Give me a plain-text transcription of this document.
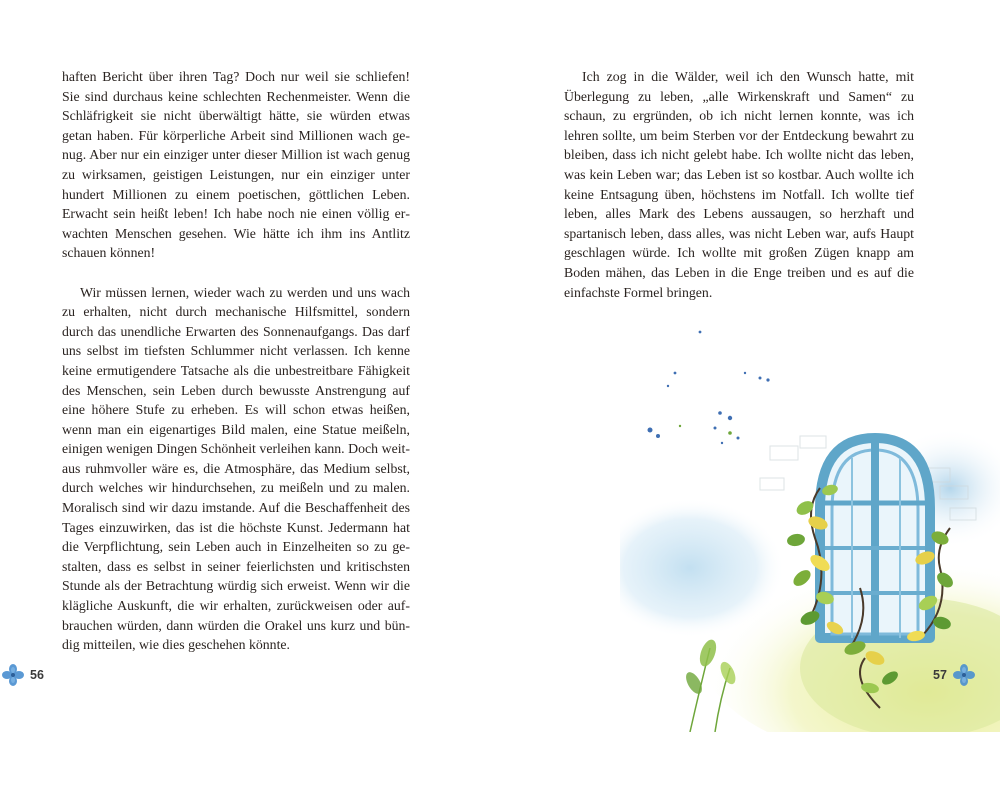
haften Bericht über ihren Tag? Doch nur weil sie schliefen! Sie sind durchaus keine schlechten Rechenmeister. Wenn die Schläfrigkeit sie nicht überwältigt hätte, sie würden etwas getan haben. Für körperliche Arbeit sind Millionen wach genug. Aber nur ein einziger unter dieser Million ist wach genug zu wirksamen, geistigen Leistungen, nur ein einziger unter hundert Millionen zu einem poetischen, göttlichen Leben. Erwacht sein heißt leben! Ich habe noch nie einen völlig erwachten Menschen gesehen. Wie hätte ich ihm ins Antlitz schauen können!

Wir müssen lernen, wieder wach zu werden und uns wach zu erhalten, nicht durch mechanische Hilfsmittel, sondern durch das unendliche Erwarten des Sonnenaufgangs. Das darf uns selbst im tiefsten Schlummer nicht verlassen. Ich kenne keine ermutigendere Tatsache als die unbestreitbare Fähigkeit des Menschen, sein Leben durch bewusste Anstrengung auf eine höhere Stufe zu erheben. Es will schon etwas heißen, wenn man ein eigenartiges Bild malen, eine Statue meißeln, einigen wenigen Dingen Schönheit verleihen kann. Doch weitaus ruhmvoller wäre es, die Atmosphäre, das Medium selbst, durch welches wir hindurchsehen, zu meißeln und zu malen. Moralisch sind wir dazu imstande. Auf die Beschaffenheit des Tages einzuwirken, das ist die höchste Kunst. Jedermann hat die Verpflichtung, sein Leben auch in Einzelheiten so zu gestalten, dass es selbst in seiner feierlichsten und kritischsten Stunde als der Betrachtung würdig sich erweist. Wenn wir die klägliche Auskunft, die wir erhalten, zurückweisen oder aufbrauchen würden, dann würden die Orakel uns kurz und bündig mitteilen, wie dies geschehen könnte.

56

Ich zog in die Wälder, weil ich den Wunsch hatte, mit Überlegung zu leben, „alle Wirkenskraft und Samen“ zu schaun, zu ergründen, ob ich nicht lernen konnte, was ich lehren sollte, um beim Sterben vor der Entdeckung bewahrt zu bleiben, dass ich nicht gelebt habe. Ich wollte nicht das leben, was kein Leben war; das Leben ist so kostbar. Auch wollte ich keine Entsagung üben, höchstens im Notfall. Ich wollte tief leben, alles Mark des Lebens aussaugen, so herzhaft und spartanisch leben, dass alles, was nicht Leben war, aufs Haupt geschlagen würde. Ich wollte mit großen Zügen knapp am Boden mähen, das Leben in die Enge treiben und es auf die einfachste Formel bringen.

57
